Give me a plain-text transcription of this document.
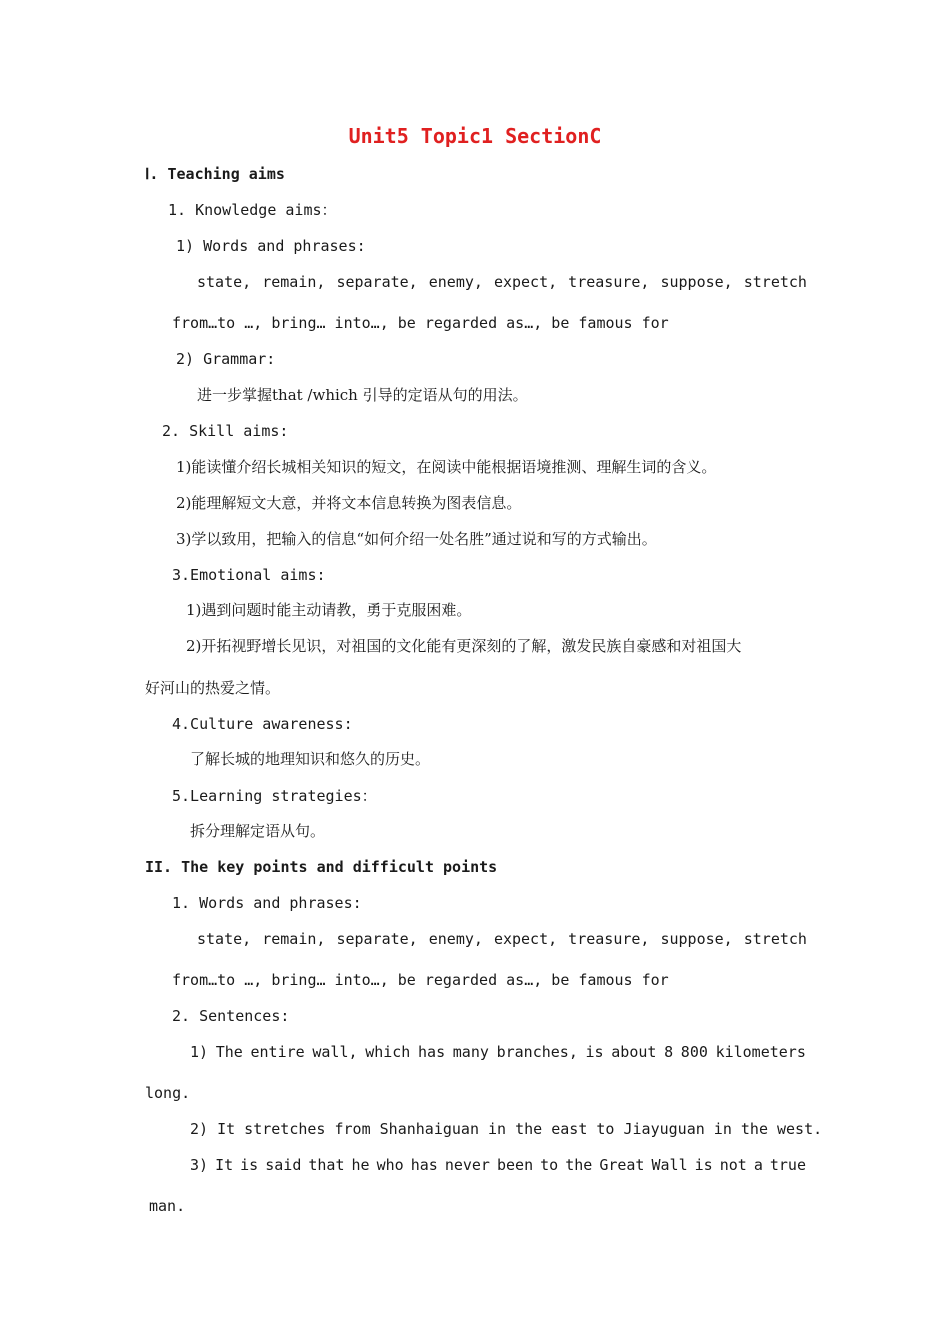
Unit5 Topic1 SectionC
Ⅰ. Teaching aims
1. Knowledge aims：
1) Words and phrases:
state, remain, separate, enemy, expect, treasure, suppose, stretch
from…to …, bring… into…, be regarded as…, be famous for
2) Grammar:
进一步掌握that /which 引导的定语从句的用法。
2. Skill aims:
1)能读懂介绍长城相关知识的短文，在阅读中能根据语境推测、理解生词的含义。
2)能理解短文大意，并将文本信息转换为图表信息。
3)学以致用，把输入的信息“如何介绍一处名胜”通过说和写的方式输出。
3.Emotional aims:
1)遇到问题时能主动请教，勇于克服困难。
2)开拓视野增长见识，对祖国的文化能有更深刻的了解，激发民族自豪感和对祖国大
好河山的热爱之情。
4.Culture awareness:
了解长城的地理知识和悠久的历史。
5.Learning strategies：
拆分理解定语从句。
II. The key points and difficult points
1. Words and phrases:
state, remain, separate, enemy, expect, treasure, suppose, stretch
from…to …, bring… into…, be regarded as…, be famous for
2. Sentences:
1) The entire wall, which has many branches, is about 8 800 kilometers
long.
2) It stretches from Shanhaiguan in the east to Jiayuguan in the west.
3) It is said that he who has never been to the Great Wall is not a true
man.
